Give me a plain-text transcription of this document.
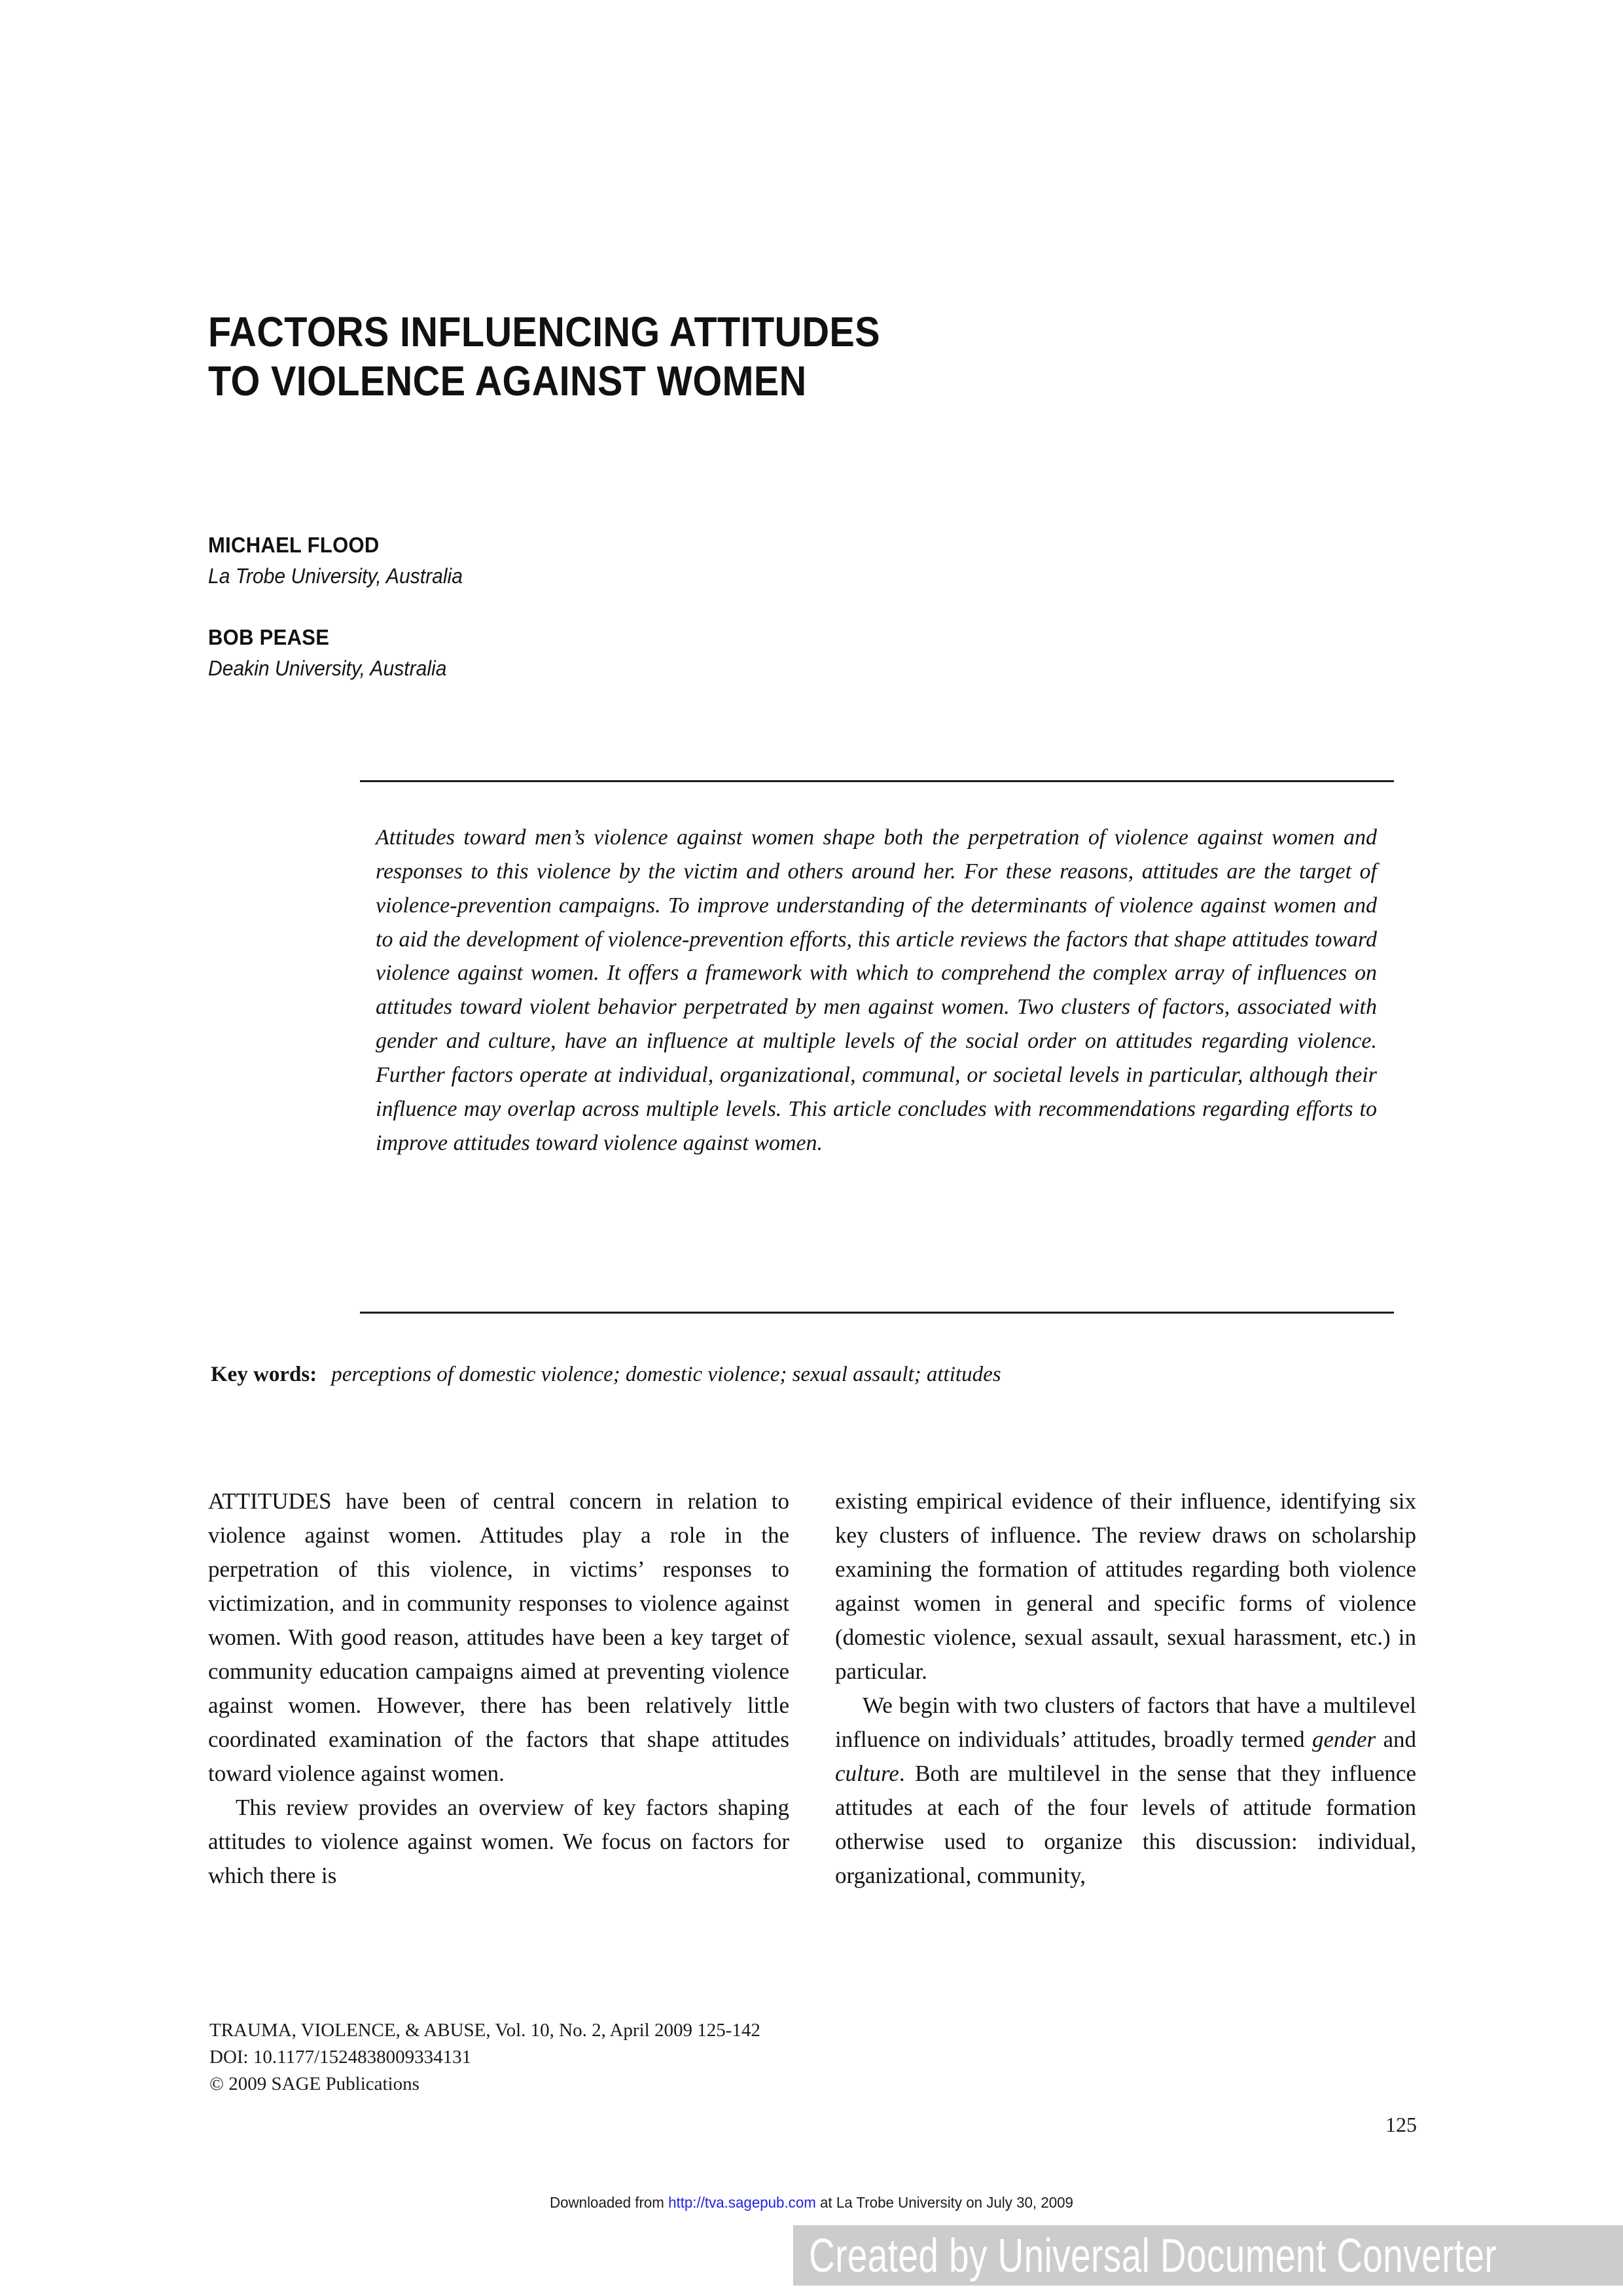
FACTORS INFLUENCING ATTITUDES
TO VIOLENCE AGAINST WOMEN
MICHAEL FLOOD
La Trobe University, Australia
BOB PEASE
Deakin University, Australia
Attitudes toward men’s violence against women shape both the perpetration of violence against women and responses to this violence by the victim and others around her. For these reasons, attitudes are the target of violence-prevention campaigns. To improve understanding of the determinants of violence against women and to aid the development of violence-prevention efforts, this article reviews the factors that shape attitudes toward violence against women. It offers a framework with which to comprehend the complex array of influences on attitudes toward violent behavior perpetrated by men against women. Two clusters of factors, associated with gender and culture, have an influence at multiple levels of the social order on attitudes regarding violence. Further factors operate at individual, organizational, communal, or societal levels in particular, although their influence may overlap across multiple levels. This article concludes with recommendations regarding efforts to improve attitudes toward violence against women.
Key words: perceptions of domestic violence; domestic violence; sexual assault; attitudes

ATTITUDES have been of central concern in relation to violence against women. Attitudes play a role in the perpetration of this violence, in victims’ responses to victimization, and in community responses to violence against women. With good reason, attitudes have been a key target of community education campaigns aimed at preventing violence against women. However, there has been relatively little coordinated examination of the factors that shape attitudes toward violence against women.

This review provides an overview of key factors shaping attitudes to violence against women. We focus on factors for which there is

existing empirical evidence of their influence, identifying six key clusters of influence. The review draws on scholarship examining the formation of attitudes regarding both violence against women in general and specific forms of violence (domestic violence, sexual assault, sexual harassment, etc.) in particular.

We begin with two clusters of factors that have a multilevel influence on individuals’ attitudes, broadly termed gender and culture. Both are multilevel in the sense that they influence attitudes at each of the four levels of attitude formation otherwise used to organize this discussion: individual, organizational, community,

TRAUMA, VIOLENCE, & ABUSE, Vol. 10, No. 2, April 2009 125-142
DOI: 10.1177/1524838009334131
© 2009 SAGE Publications
125
Downloaded from http://tva.sagepub.com at La Trobe University on July 30, 2009
Created by Universal Document Converter
